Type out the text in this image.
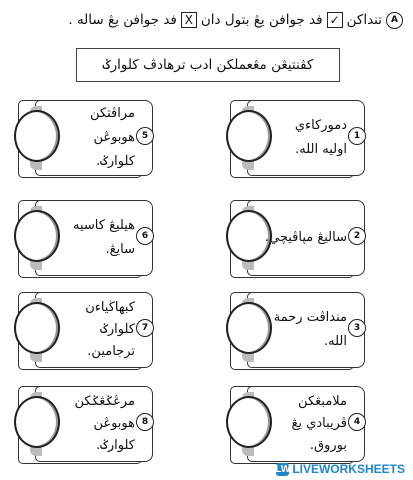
A
تنداكن
✓
فد جوافن يڠ بتول دان
X
فد جوافن يڠ ساله .
كڤنتيڠن مڠعملكن ادب ترهادڤ كلوارݢ
مراڤتكن هوبوڠن
كلوارݢ.
5
دموركاءي
اوليه الله.
1
هيليڠ كاسيه
سايڠ.
6	ساليڠ مپاڤيچي. 2
كبهاڬياءن
كلوارݢ
ترجامين.
7
منداڤت رحمة
الله.
3
مرڠݢڠݢكن
هوبوڠن
كلوارݢ.
8
ملامبڠكن
ڤريبادي يڠ
بوروق.
4
LW LIVEWORKSHEETS
